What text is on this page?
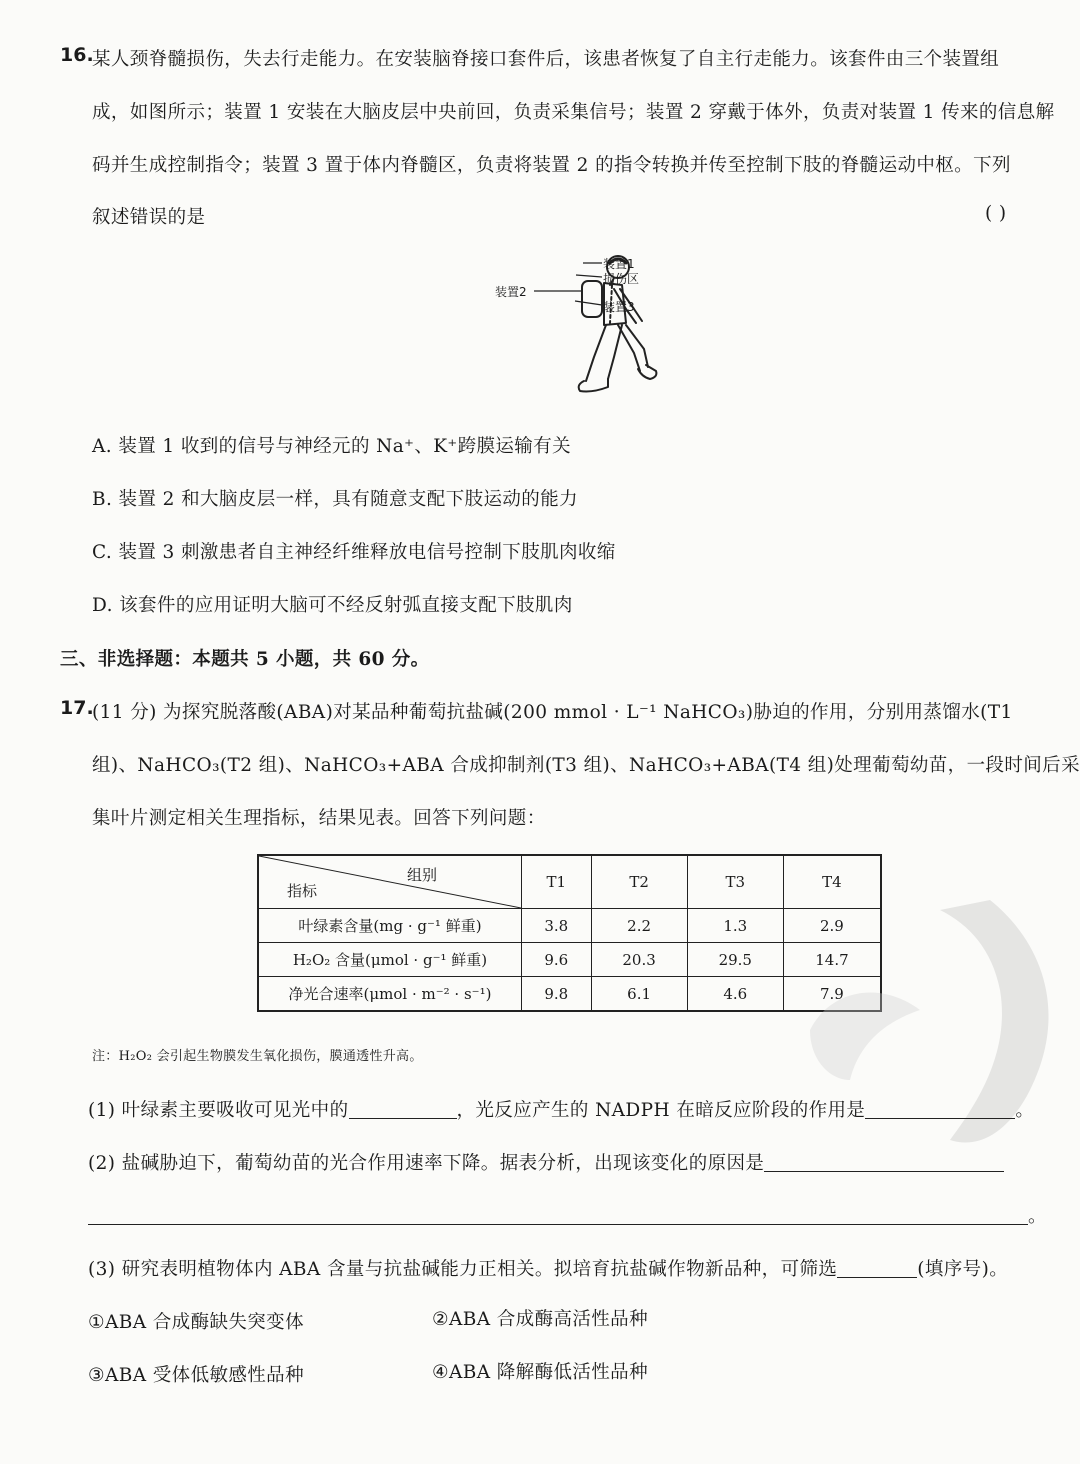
16.
某人颈脊髓损伤，失去行走能力。在安装脑脊接口套件后，该患者恢复了自主行走能力。该套件由三个装置组
成，如图所示；装置 1 安装在大脑皮层中央前回，负责采集信号；装置 2 穿戴于体外，负责对装置 1 传来的信息解
码并生成控制指令；装置 3 置于体内脊髓区，负责将装置 2 的指令转换并传至控制下肢的脊髓运动中枢。下列
叙述错误的是	( )
装置1
损伤区
装置3
装置2
A. 装置 1 收到的信号与神经元的 Na⁺、K⁺跨膜运输有关
B. 装置 2 和大脑皮层一样，具有随意支配下肢运动的能力
C. 装置 3 刺激患者自主神经纤维释放电信号控制下肢肌肉收缩
D. 该套件的应用证明大脑可不经反射弧直接支配下肢肌肉
三、非选择题：本题共 5 小题，共 60 分。
17.
(11 分) 为探究脱落酸(ABA)对某品种葡萄抗盐碱(200 mmol · L⁻¹ NaHCO₃)胁迫的作用，分别用蒸馏水(T1
组)、NaHCO₃(T2 组)、NaHCO₃+ABA 合成抑制剂(T3 组)、NaHCO₃+ABA(T4 组)处理葡萄幼苗，一段时间后采
集叶片测定相关生理指标，结果见表。回答下列问题：
组别
指标	T1	T2	T3	T4
叶绿素含量(mg · g⁻¹ 鲜重)	3.8	2.2	1.3	2.9
H₂O₂ 含量(μmol · g⁻¹ 鲜重)	9.6	20.3	29.5	14.7
净光合速率(μmol · m⁻² · s⁻¹)	9.8	6.1	4.6	7.9
注：H₂O₂ 会引起生物膜发生氧化损伤，膜通透性升高。
(1) 叶绿素主要吸收可见光中的	，光反应产生的 NADPH 在暗反应阶段的作用是	。
(2) 盐碱胁迫下，葡萄幼苗的光合作用速率下降。据表分析，出现该变化的原因是
。
(3) 研究表明植物体内 ABA 含量与抗盐碱能力正相关。拟培育抗盐碱作物新品种，可筛选	(填序号)。
①ABA 合成酶缺失突变体	②ABA 合成酶高活性品种
③ABA 受体低敏感性品种	④ABA 降解酶低活性品种
